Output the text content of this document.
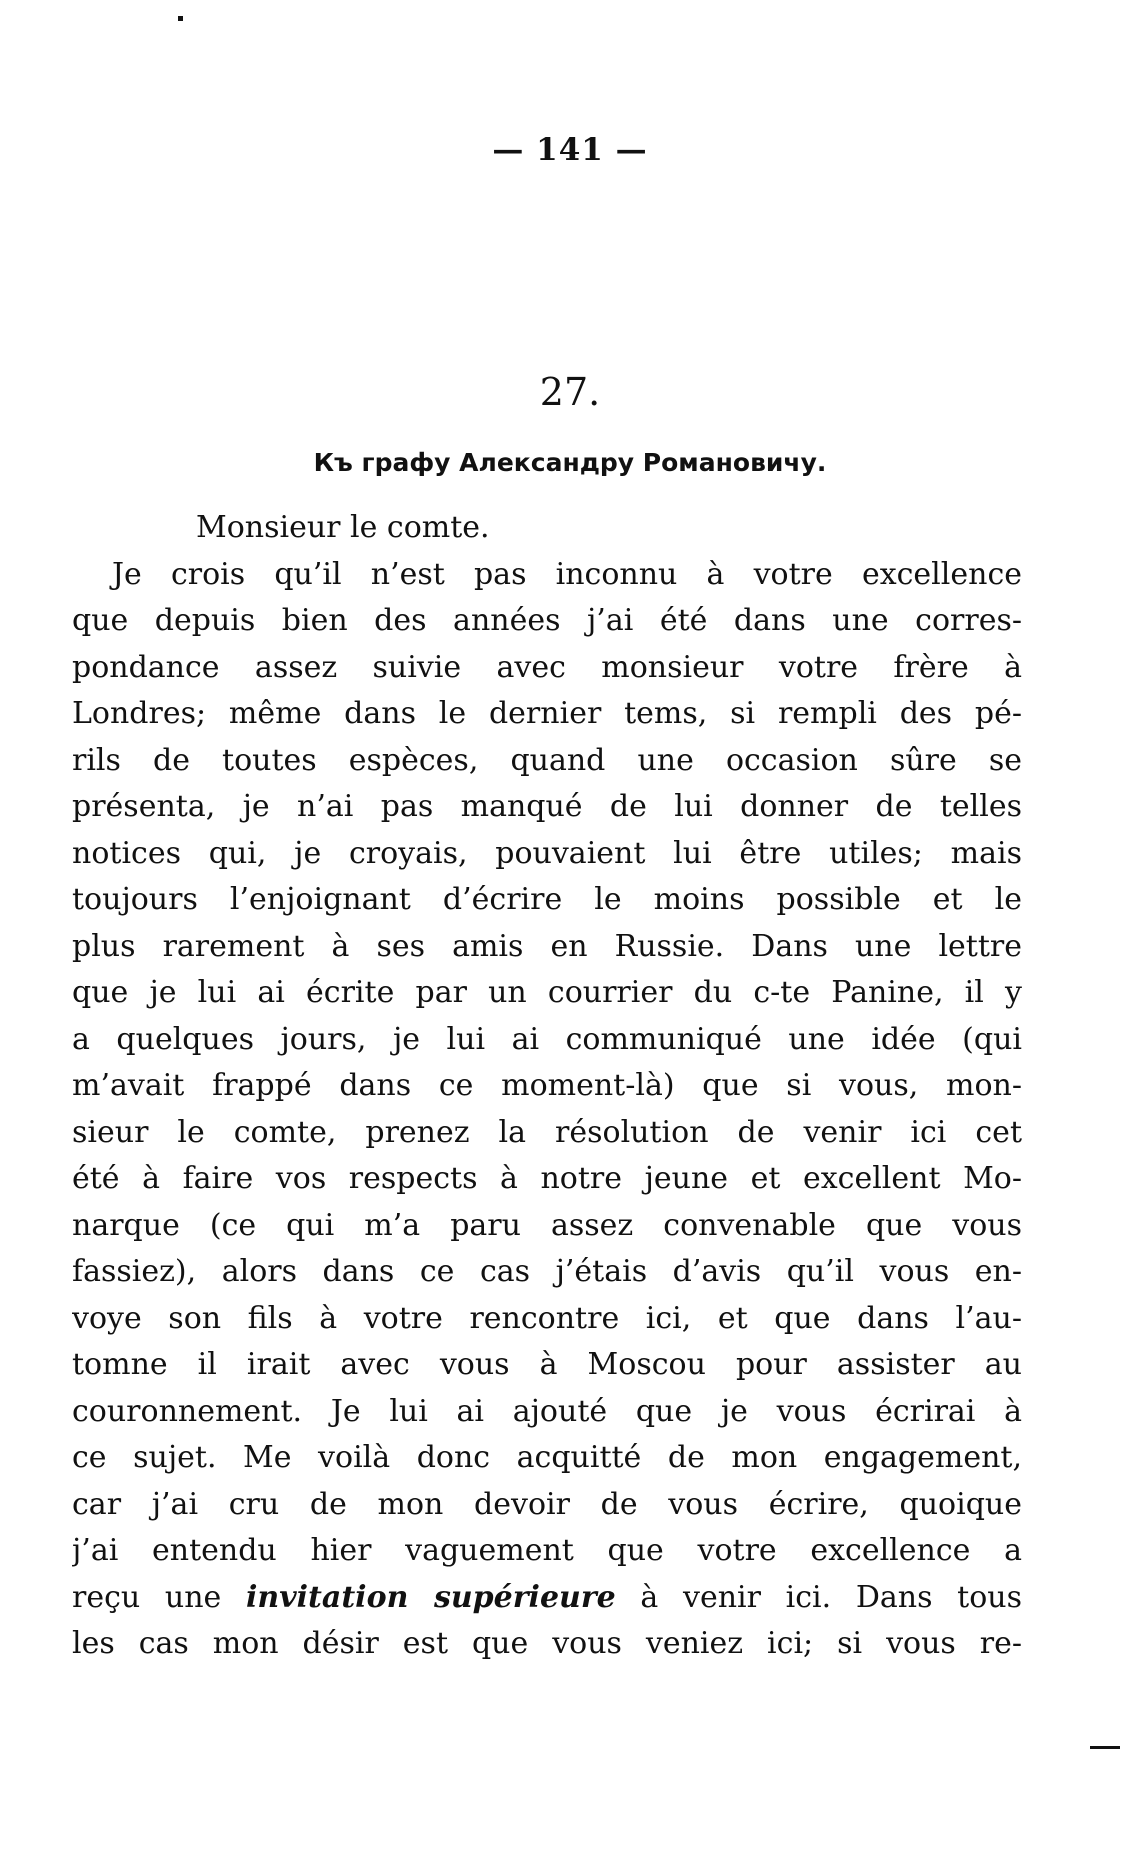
— 141 —
27.
Къ графу Александру Романовичу.
Monsieur le comte.
Je crois qu’il n’est pas inconnu à votre excellence
que depuis bien des années j’ai été dans une corres-
pondance assez suivie avec monsieur votre frère à
Londres; même dans le dernier tems, si rempli des pé-
rils de toutes espèces, quand une occasion sûre se
présenta, je n’ai pas manqué de lui donner de telles
notices qui, je croyais, pouvaient lui être utiles; mais
toujours l’enjoignant d’écrire le moins possible et le
plus rarement à ses amis en Russie. Dans une lettre
que je lui ai écrite par un courrier du c-te Panine, il y
a quelques jours, je lui ai communiqué une idée (qui
m’avait frappé dans ce moment-là) que si vous, mon-
sieur le comte, prenez la résolution de venir ici cet
été à faire vos respects à notre jeune et excellent Mo-
narque (ce qui m’a paru assez convenable que vous
fassiez), alors dans ce cas j’étais d’avis qu’il vous en-
voye son fils à votre rencontre ici, et que dans l’au-
tomne il irait avec vous à Moscou pour assister au
couronnement. Je lui ai ajouté que je vous écrirai à
ce sujet. Me voilà donc acquitté de mon engagement,
car j’ai cru de mon devoir de vous écrire, quoique
j’ai entendu hier vaguement que votre excellence a
reçu une invitation supérieure à venir ici. Dans tous
les cas mon désir est que vous veniez ici; si vous re-
